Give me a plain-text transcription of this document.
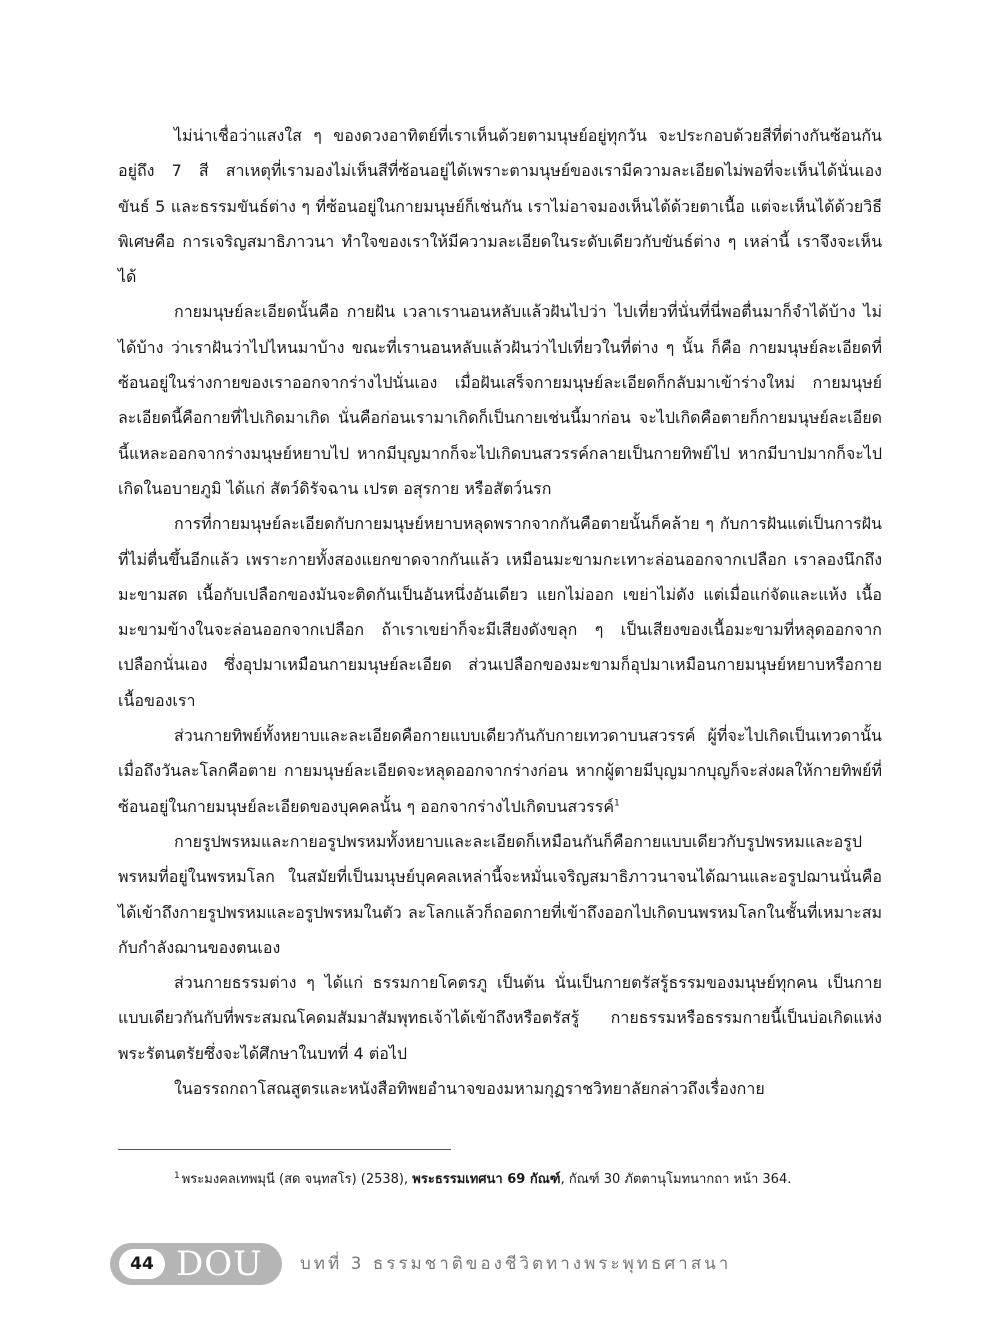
ไม่น่าเชื่อว่าแสงใส ๆ ของดวงอาทิตย์ที่เราเห็นด้วยตามนุษย์อยู่ทุกวัน จะประกอบด้วยสีที่ต่างกันซ้อนกันอยู่ถึง 7 สี สาเหตุที่เรามองไม่เห็นสีที่ซ้อนอยู่ได้เพราะตามนุษย์ของเรามีความละเอียดไม่พอที่จะเห็นได้นั่นเอง ขันธ์ 5 และธรรมขันธ์ต่าง ๆ ที่ซ้อนอยู่ในกายมนุษย์ก็เช่นกัน เราไม่อาจมองเห็นได้ด้วยตาเนื้อ แต่จะเห็นได้ด้วยวิธีพิเศษคือ การเจริญสมาธิภาวนา ทำใจของเราให้มีความละเอียดในระดับเดียวกับขันธ์ต่าง ๆ เหล่านี้ เราจึงจะเห็นได้

กายมนุษย์ละเอียดนั้นคือ กายฝัน เวลาเรานอนหลับแล้วฝันไปว่า ไปเที่ยวที่นั่นที่นี่พอตื่นมาก็จำได้บ้าง ไม่ได้บ้าง ว่าเราฝันว่าไปไหนมาบ้าง ขณะที่เรานอนหลับแล้วฝันว่าไปเที่ยวในที่ต่าง ๆ นั้น ก็คือ กายมนุษย์ละเอียดที่ซ้อนอยู่ในร่างกายของเราออกจากร่างไปนั่นเอง เมื่อฝันเสร็จกายมนุษย์ละเอียดก็กลับมาเข้าร่างใหม่ กายมนุษย์ละเอียดนี้คือกายที่ไปเกิดมาเกิด นั่นคือก่อนเรามาเกิดก็เป็นกายเช่นนี้มาก่อน จะไปเกิดคือตายก็กายมนุษย์ละเอียดนี้แหละออกจากร่างมนุษย์หยาบไป หากมีบุญมากก็จะไปเกิดบนสวรรค์กลายเป็นกายทิพย์ไป หากมีบาปมากก็จะไปเกิดในอบายภูมิ ได้แก่ สัตว์ดิรัจฉาน เปรต อสุรกาย หรือสัตว์นรก

การที่กายมนุษย์ละเอียดกับกายมนุษย์หยาบหลุดพรากจากกันคือตายนั้นก็คล้าย ๆ กับการฝันแต่เป็นการฝันที่ไม่ตื่นขึ้นอีกแล้ว เพราะกายทั้งสองแยกขาดจากกันแล้ว เหมือนมะขามกะเทาะล่อนออกจากเปลือก เราลองนึกถึงมะขามสด เนื้อกับเปลือกของมันจะติดกันเป็นอันหนึ่งอันเดียว แยกไม่ออก เขย่าไม่ดัง แต่เมื่อแก่จัดและแห้ง เนื้อมะขามข้างในจะล่อนออกจากเปลือก ถ้าเราเขย่าก็จะมีเสียงดังขลุก ๆ เป็นเสียงของเนื้อมะขามที่หลุดออกจากเปลือกนั่นเอง ซึ่งอุปมาเหมือนกายมนุษย์ละเอียด ส่วนเปลือกของมะขามก็อุปมาเหมือนกายมนุษย์หยาบหรือกายเนื้อของเรา

ส่วนกายทิพย์ทั้งหยาบและละเอียดคือกายแบบเดียวกันกับกายเทวดาบนสวรรค์ ผู้ที่จะไปเกิดเป็นเทวดานั้น เมื่อถึงวันละโลกคือตาย กายมนุษย์ละเอียดจะหลุดออกจากร่างก่อน หากผู้ตายมีบุญมากบุญก็จะส่งผลให้กายทิพย์ที่ซ้อนอยู่ในกายมนุษย์ละเอียดของบุคคลนั้น ๆ ออกจากร่างไปเกิดบนสวรรค์$^1$

กายรูปพรหมและกายอรูปพรหมทั้งหยาบและละเอียดก็เหมือนกันก็คือกายแบบเดียวกับรูปพรหมและอรูปพรหมที่อยู่ในพรหมโลก ในสมัยที่เป็นมนุษย์บุคคลเหล่านี้จะหมั่นเจริญสมาธิภาวนาจนได้ฌานและอรูปฌานนั่นคือ ได้เข้าถึงกายรูปพรหมและอรูปพรหมในตัว ละโลกแล้วก็ถอดกายที่เข้าถึงออกไปเกิดบนพรหมโลกในชั้นที่เหมาะสมกับกำลังฌานของตนเอง

ส่วนกายธรรมต่าง ๆ ได้แก่ ธรรมกายโคตรภู เป็นต้น นั่นเป็นกายตรัสรู้ธรรมของมนุษย์ทุกคน เป็นกายแบบเดียวกันกับที่พระสมณโคดมสัมมาสัมพุทธเจ้าได้เข้าถึงหรือตรัสรู้ กายธรรมหรือธรรมกายนี้เป็นบ่อเกิดแห่งพระรัตนตรัยซึ่งจะได้ศึกษาในบทที่ 4 ต่อไป

ในอรรถกถาโสณสูตรและหนังสือทิพยอำนาจของมหามกุฏราชวิทยาลัยกล่าวถึงเรื่องกาย

$^1$ พระมงคลเทพมุนี (สด จนฺทสโร) (2538), พระธรรมเทศนา 69 กัณฑ์, กัณฑ์ 30 ภัตตานุโมทนากถา หน้า 364.
44 DOU บทที่ 3 ธรรมชาติของชีวิตทางพระพุทธศาสนา
